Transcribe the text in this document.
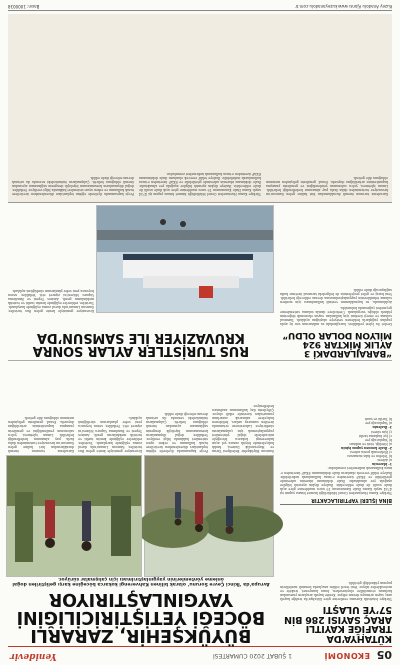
05
EKONOMİ
1 ŞUBAT 2020 CUMARTESİ
Yenidevir
KÜTAHYA’DA TRAFİĞE KAYITLI ARAÇ SAYISI 286 BİN 57’YE ULAŞTI
Türkiye İstatistik Kurumu verilerine göre Kütahya’da trafiğe kayıtlı araç sayısı artmaya devam ediyor. Kentte kayıtlı araçların yarısından fazlasını otomobiller oluştururken, bunu kamyonet, traktör ve motosikletler izliyor. Yeni tescil edilen araçlarda benzinli modellerin payının yükseldiği görüldü.
BİNA İŞLERİ YAPTIRILACAKTIR
Türkiye Kamu Hastaneleri Genel Müdürlüğü hizmet binası yapım işi 4734 sayılı Kamu İhale Kanununun 19 uncu maddesine göre açık ihale usulü ile ihale edilecektir. İhaleye ilişkin ayrıntılı bilgiler aşağıda yer almaktadır. İhale dokümanı idarenin adresinde görülebilir ve EKAP üzerinden e-imza kullanılarak indirilebilir. İhaleye teklif verecek olanların ihale dokümanını EKAP üzerinden e-imza kullanarak indirmeleri zorunludur.
1- İdarenin
a) Adresi
b) Telefon ve faks numarası
c) Elektronik posta adresi
2- İhale konusu yapım işinin
a) Niteliği, türü ve miktarı
b) Yapılacağı yer
c) İşe başlama tarihi
ç) İşin süresi
3- İhalenin
a) Yapılacağı yer
b) Tarihi ve saati
BÜYÜKŞEHİR, ZARARLI BÖCEĞİ YETİŞTİRİCİLİĞİNİ YAYGINLAŞTIRIYOR
Avrupa’da ‘İkinci Çevre Sorunu’ olarak bilinen Kahverengi kokarca böceğine karşı geliştirilen doğal önleme yöntemlerinin yaygınlaştırılması için çalışmalar sürüyor.
Samsun Büyükşehir Belediyesi Tarım ve Hayvancılık Dairesi, fındık bahçelerinde büyük zarara yol açan kahverengi kokarca böceğiyle mücadelede doğal yöntemleri yaygınlaştırmak için çalışmalarını sürdürüyor. Laboratuvar ortamında üretilen samuray arıları, belirlenen bahçelere salınarak zararlının yumurtaları üzerinde etkili oluyor. Çiftçilerin ilaç kullanımını azaltması hedefleniyor.
Proje kapsamında ilçelerde eğitim toplantıları düzenlenirken üreticilere tuzak kullanımı ve erken uyarı sistemleri hakkında bilgi veriliyor. Yetkililer, doğal düşmanların korunmasının biyolojik dengenin sağlanması açısından önemli olduğunu belirtti. Çalışmaların önümüzdeki sezonda da artarak devam edeceği ifade edildi.
Kruvaziyer gemisiyle kente gelen Rus turistler, Samsun Limanı’nda davul zurna eşliğinde karşılandı. Turistler, rehberler eşliğinde kentin tarihi ve turistik mekânlarını gezdi, Amisos Tepesi ve Bandırma Vapuru Müzesi’ni ziyaret etti. Yetkililer, sezon boyunca yeni sefer planlarının sürdüğünü açıkladı.
Karadeniz turunun önemli duraklarından biri haline gelen Samsun’un kruvaziyer turizminden daha fazla pay almasının hedeflendiği belirtildi. Liman işletmesi, yolcu salonunun yenilendiğini ve gemilerin yanaşma kapasitesinin artırıldığını duyurdu. Esnaf, gemilerin gelişinden memnun olduğunu dile getirdi.
“BARAJLARDAKİ 3 AYLIK MİKTAR 924 MİLYON DOLAR OLDU”
Devlet Su İşleri yetkilileri, barajlardaki su miktarının son üç ayda yapılan yağışlarla beklenen seviyeye ulaştığını açıkladı. Tarımsal sulama ve enerji üretimi için kullanılan suyun ekonomik değerinin yüksek olduğu vurgulandı. Üreticilere damla sulama sistemlerine geçmeleri çağrısında bulunuldu.
Açıklamada, su kaynaklarının verimli kullanılması için modern sulama tekniklerinin yaygınlaştırılmasına devam edileceği belirtildi. Yeni baraj ve gölet projelerinin de bölgedeki tarımsal üretime katkı sağlayacağı ifade edildi.
RUS TURİSTLER AYLAR SONRA KRUVAZİYER İLE SAMSUN’DA
Kruvaziyer gemisiyle kente gelen Rus turistler, Samsun Limanı’nda davul zurna eşliğinde karşılandı. Turistler, rehberler eşliğinde kentin tarihi ve turistik mekânlarını gezdi, Amisos Tepesi ve Bandırma Vapuru Müzesi’ni ziyaret etti. Yetkililer, sezon boyunca yeni sefer planlarının sürdüğünü açıkladı.
Karadeniz turunun önemli duraklarından biri haline gelen Samsun’un kruvaziyer turizminden daha fazla pay almasının hedeflendiği belirtildi. Liman işletmesi, yolcu salonunun yenilendiğini ve gemilerin yanaşma kapasitesinin artırıldığını duyurdu. Esnaf, gemilerin gelişinden memnun olduğunu dile getirdi.
Türkiye Kamu Hastaneleri Genel Müdürlüğü hizmet binası yapım işi 4734 sayılı Kamu İhale Kanununun 19 uncu maddesine göre açık ihale usulü ile ihale edilecektir. İhaleye ilişkin ayrıntılı bilgiler aşağıda yer almaktadır. İhale dokümanı idarenin adresinde görülebilir ve EKAP üzerinden e-imza kullanılarak indirilebilir. İhaleye teklif verecek olanların ihale dokümanını EKAP üzerinden e-imza kullanarak indirmeleri zorunludur.
Proje kapsamında ilçelerde eğitim toplantıları düzenlenirken üreticilere tuzak kullanımı ve erken uyarı sistemleri hakkında bilgi veriliyor. Yetkililer, doğal düşmanların korunmasının biyolojik dengenin sağlanması açısından önemli olduğunu belirtti. Çalışmaların önümüzdeki sezonda da artarak devam edeceği ifade edildi.
Kuzey Anadolu Ajansı www.kuzeyanadolu.com.tr
Basın: 1000038
